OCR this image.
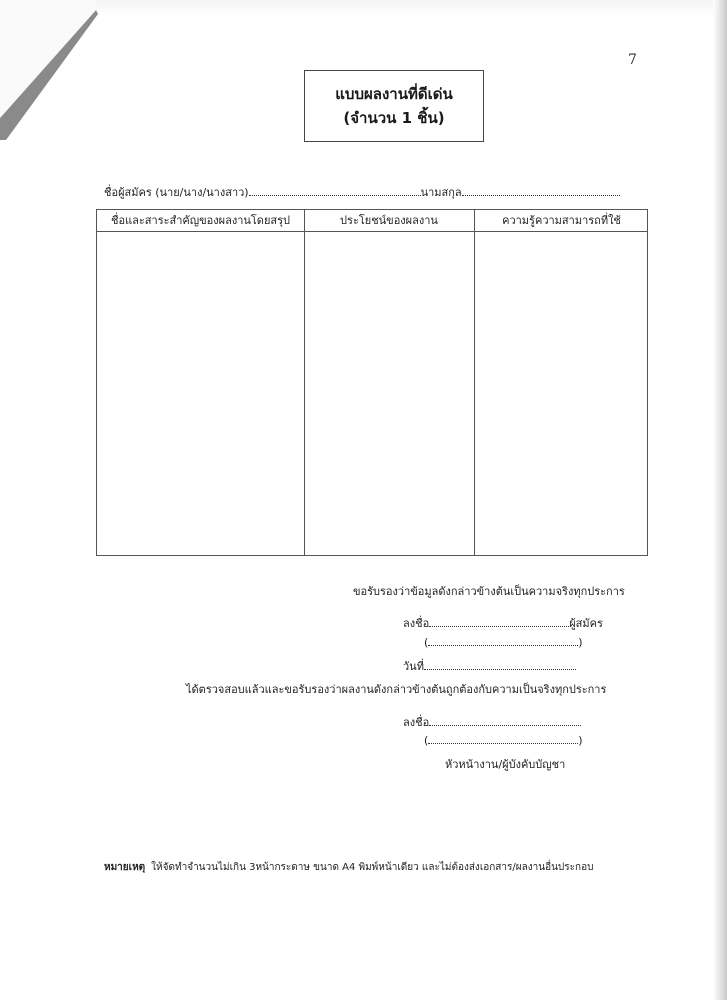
7
แบบผลงานที่ดีเด่น
(จำนวน 1 ชิ้น)
ชื่อผู้สมัคร (นาย/นาง/นางสาว)	นามสกุล
ชื่อและสาระสำคัญของผลงานโดยสรุป	ประโยชน์ของผลงาน	ความรู้ความสามารถที่ใช้
ขอรับรองว่าข้อมูลดังกล่าวข้างต้นเป็นความจริงทุกประการ
ลงชื่อ	ผู้สมัคร
(	)
วันที่
ได้ตรวจสอบแล้วและขอรับรองว่าผลงานดังกล่าวข้างต้นถูกต้องกับความเป็นจริงทุกประการ
ลงชื่อ
(	)
หัวหน้างาน/ผู้บังคับบัญชา
หมายเหตุ ให้จัดทำจำนวนไม่เกิน 3หน้ากระดาษ ขนาด A4 พิมพ์หน้าเดียว และไม่ต้องส่งเอกสาร/ผลงานอื่นประกอบ
